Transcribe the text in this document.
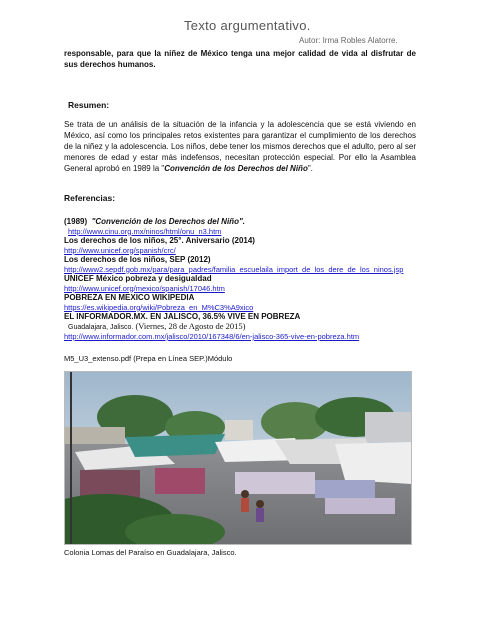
Texto argumentativo.
Autor: Irma Robles Alatorre.

responsable, para que la niñez de México tenga una mejor calidad de vida al disfrutar de sus derechos humanos.

Resumen:

Se trata de un análisis de la situación de la infancia y la adolescencia que se está viviendo en México, así como los principales retos existentes para garantizar el cumplimiento de los derechos de la niñez y la adolescencia. Los niños, debe tener los mismos derechos que el adulto, pero al ser menores de edad y estar más indefensos, necesitan protección especial. Por ello la Asamblea General aprobó en 1989 la "Convención de los Derechos del Niño".

Referencias:
(1989) "Convención de los Derechos del Niño".
http://www.cinu.org.mx/ninos/html/onu_n3.htm
Los derechos de los niños, 25°. Aniversario (2014)
http://www.unicef.org/spanish/crc/
Los derechos de los niños, SEP (2012)
http://www2.sepdf.gob.mx/para/para_padres/familia_escuelaila_import_de_los_dere_de_los_ninos.jsp
UNICEF México pobreza y desigualdad
http://www.unicef.org/mexico/spanish/17046.htm
POBREZA EN MEXICO WIKIPEDIA
https://es.wikipedia.org/wiki/Pobreza_en_M%C3%A9xico
EL INFORMADOR.MX. EN JALISCO, 36.5% VIVE EN POBREZA
Guadalajara, Jalisco. (Viernes, 28 de Agosto de 2015)
http://www.informador.com.mx/jalisco/2010/167348/6/en-jalisco-365-vive-en-pobreza.htm
M5_U3_extenso.pdf (Prepa en Línea SEP.)Módulo
Colonia Lomas del Paraíso en Guadalajara, Jalisco.
